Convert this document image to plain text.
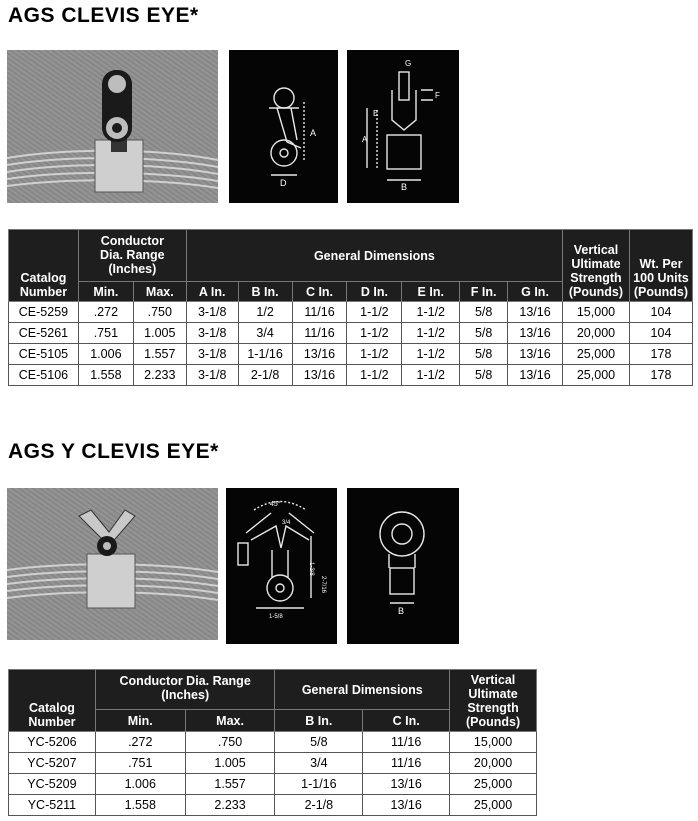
AGS CLEVIS EYE*
A
D
A
B
E
F
G
Catalog
Number	Conductor
Dia. Range
(Inches)		General Dimensions							Vertical
Ultimate
Strength
(Pounds)	Wt. Per
100 Units
(Pounds)
	Min.	Max.	A In.	B In.	C In.	D In.	E In.	F In.	G In.		
CE-5259	.272	.750	3-1/8	1/2	11/16	1-1/2	1-1/2	5/8	13/16	15,000	104
CE-5261	.751	1.005	3-1/8	3/4	11/16	1-1/2	1-1/2	5/8	13/16	20,000	104
CE-5105	1.006	1.557	3-1/8	1-1/16	13/16	1-1/2	1-1/2	5/8	13/16	25,000	178
CE-5106	1.558	2.233	3-1/8	2-1/8	13/16	1-1/2	1-1/2	5/8	13/16	25,000	178
AGS Y CLEVIS EYE*
45°
3/4
1-3/8
2-7/16
1-5/8
B
Catalog
Number	Conductor Dia. Range
(Inches)		General Dimensions		Vertical
Ultimate
Strength
(Pounds)
	Min.	Max.	B In.	C In.	
YC-5206	.272	.750	5/8	11/16	15,000
YC-5207	.751	1.005	3/4	11/16	20,000
YC-5209	1.006	1.557	1-1/16	13/16	25,000
YC-5211	1.558	2.233	2-1/8	13/16	25,000
